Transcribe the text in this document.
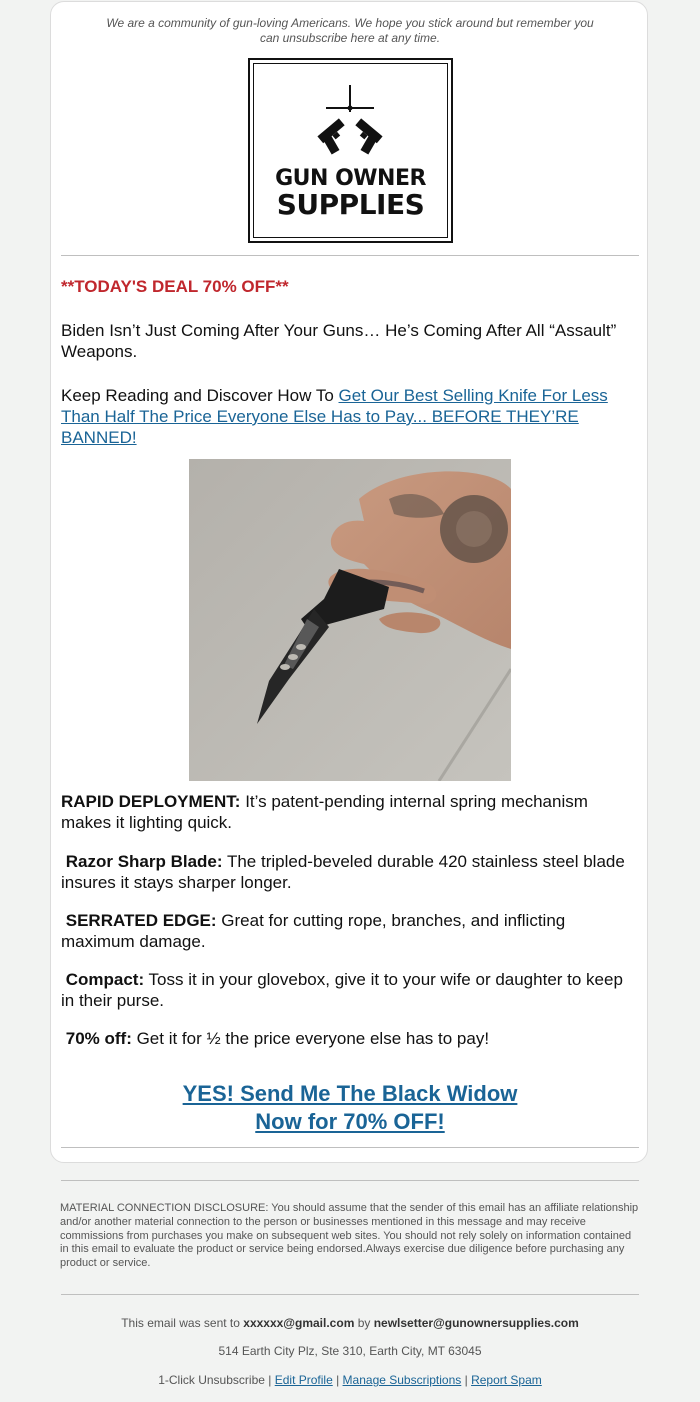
We are a community of gun-loving Americans. We hope you stick around but remember you
can unsubscribe here at any time.
GUN OWNER
SUPPLIES
**TODAY'S DEAL 70% OFF**
Biden Isn’t Just Coming After Your Guns… He’s Coming After All “Assault” Weapons.
Keep Reading and Discover How To Get Our Best Selling Knife For Less Than Half The Price Everyone Else Has to Pay... BEFORE THEY’RE BANNED!
RAPID DEPLOYMENT: It’s patent-pending internal spring mechanism makes it lighting quick.
Razor Sharp Blade: The tripled-beveled durable 420 stainless steel blade insures it stays sharper longer.
SERRATED EDGE: Great for cutting rope, branches, and inflicting maximum damage.
Compact: Toss it in your glovebox, give it to your wife or daughter to keep in their purse.
70% off: Get it for ½ the price everyone else has to pay!
YES! Send Me The Black Widow
Now for 70% OFF!
MATERIAL CONNECTION DISCLOSURE: You should assume that the sender of this email has an affiliate relationship and/or another material connection to the person or businesses mentioned in this message and may receive commissions from purchases you make on subsequent web sites. You should not rely solely on information contained in this email to evaluate the product or service being endorsed.Always exercise due diligence before purchasing any product or service.
This email was sent to xxxxxx@gmail.com by newlsetter@gunownersupplies.com
514 Earth City Plz, Ste 310, Earth City, MT 63045
1-Click Unsubscribe | Edit Profile | Manage Subscriptions | Report Spam
